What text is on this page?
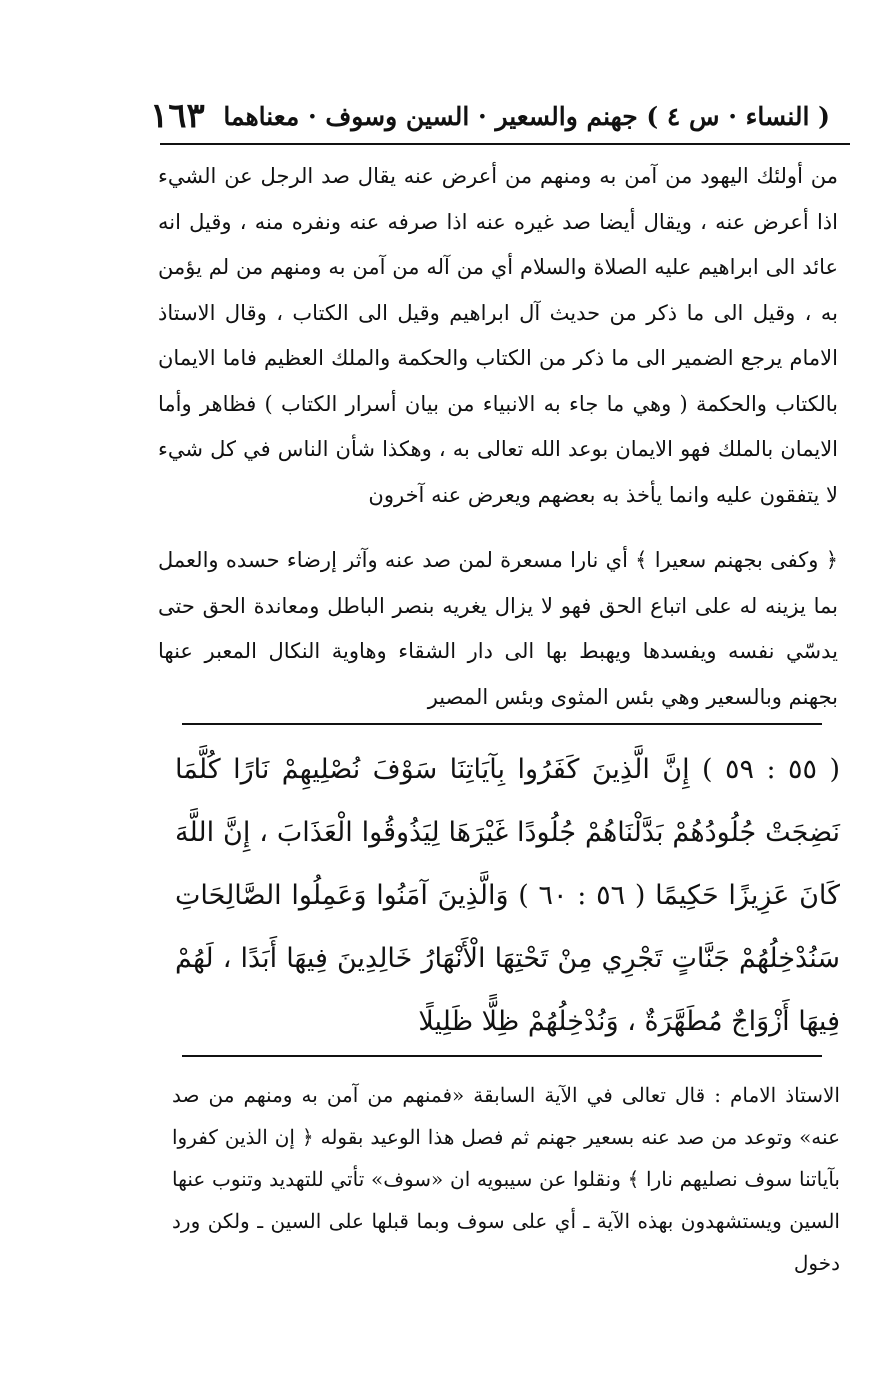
( النساء · س ٤ ) جهنم والسعير · السين وسوف · معناهما
١٦٣

من أولئك اليهود من آمن به ومنهم من أعرض عنه يقال صد الرجل عن الشيء اذا أعرض عنه ، ويقال أيضا صد غيره عنه اذا صرفه عنه ونفره منه ، وقيل انه عائد الى ابراهيم عليه الصلاة والسلام أي من آله من آمن به ومنهم من لم يؤمن به ، وقيل الى ما ذكر من حديث آل ابراهيم وقيل الى الكتاب ، وقال الاستاذ الامام يرجع الضمير الى ما ذكر من الكتاب والحكمة والملك العظيم فاما الايمان بالكتاب والحكمة ( وهي ما جاء به الانبياء من بيان أسرار الكتاب ) فظاهر وأما الايمان بالملك فهو الايمان بوعد الله تعالى به ، وهكذا شأن الناس في كل شيء لا يتفقون عليه وانما يأخذ به بعضهم ويعرض عنه آخرون

﴿ وكفى بجهنم سعيرا ﴾ أي نارا مسعرة لمن صد عنه وآثر إرضاء حسده والعمل بما يزينه له على اتباع الحق فهو لا يزال يغريه بنصر الباطل ومعاندة الحق حتى يدسّي نفسه ويفسدها ويهبط بها الى دار الشقاء وهاوية النكال المعبر عنها بجهنم وبالسعير وهي بئس المثوى وبئس المصير

( ٥٥ : ٥٩ ) إِنَّ الَّذِينَ كَفَرُوا بِآيَاتِنَا سَوْفَ نُصْلِيهِمْ نَارًا كُلَّمَا نَضِجَتْ جُلُودُهُمْ بَدَّلْنَاهُمْ جُلُودًا غَيْرَهَا لِيَذُوقُوا الْعَذَابَ ، إِنَّ اللَّهَ كَانَ عَزِيزًا حَكِيمًا ( ٥٦ : ٦٠ ) وَالَّذِينَ آمَنُوا وَعَمِلُوا الصَّالِحَاتِ سَنُدْخِلُهُمْ جَنَّاتٍ تَجْرِي مِنْ تَحْتِهَا الْأَنْهَارُ خَالِدِينَ فِيهَا أَبَدًا ، لَهُمْ فِيهَا أَزْوَاجٌ مُطَهَّرَةٌ ، وَنُدْخِلُهُمْ ظِلًّا ظَلِيلًا

الاستاذ الامام : قال تعالى في الآية السابقة «فمنهم من آمن به ومنهم من صد عنه» وتوعد من صد عنه بسعير جهنم ثم فصل هذا الوعيد بقوله ﴿ إن الذين كفروا بآياتنا سوف نصليهم نارا ﴾ ونقلوا عن سيبويه ان «سوف» تأتي للتهديد وتنوب عنها السين ويستشهدون بهذه الآية ـ أي على سوف وبما قبلها على السين ـ ولكن ورد دخول
